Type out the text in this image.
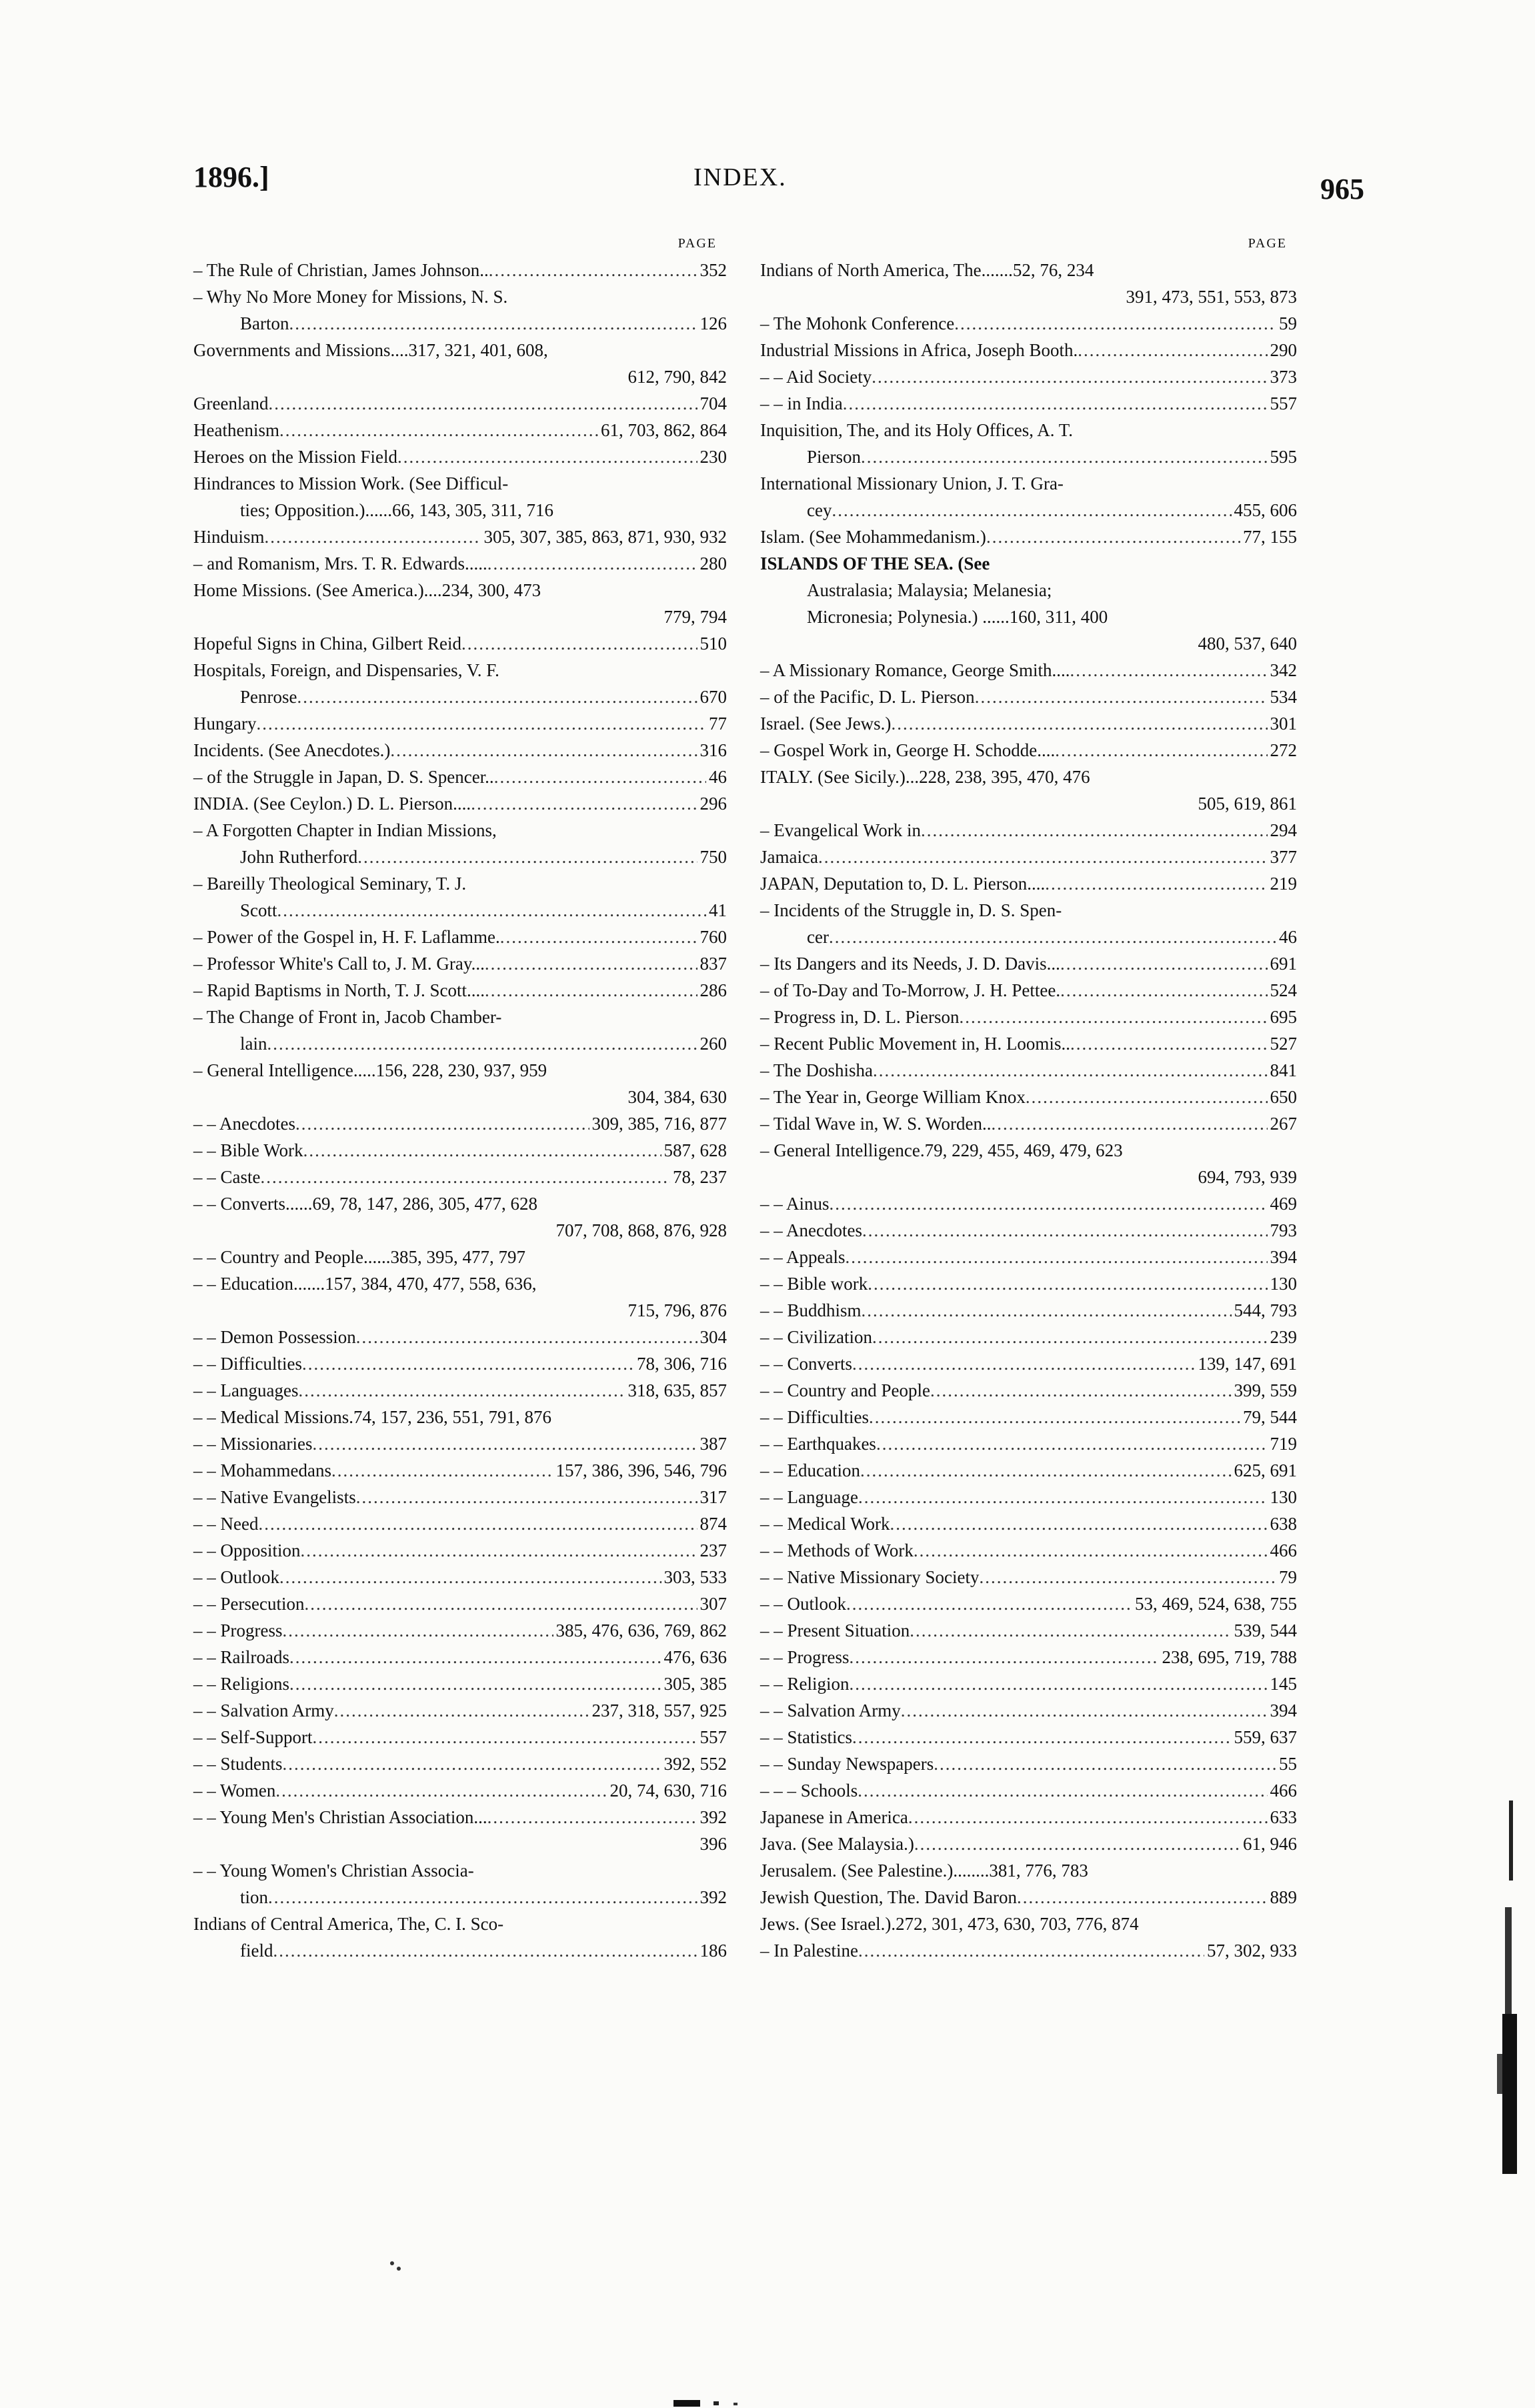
1896.]	INDEX.	965
PAGE
– The Rule of Christian, James Johnson.. .....	352
– Why No More Money for Missions, N. S.
Barton .....	126
Governments and Missions....317, 321, 401, 608,
612, 790, 842
Greenland .....	704
Heathenism .....	61, 703, 862, 864
Heroes on the Mission Field .....	230
Hindrances to Mission Work. (See Difficul-
ties; Opposition.)......66, 143, 305, 311, 716
Hinduism .....	305, 307, 385, 863, 871, 930, 932
– and Romanism, Mrs. T. R. Edwards..... .....	280
Home Missions. (See America.)....234, 300, 473
779, 794
Hopeful Signs in China, Gilbert Reid .....	510
Hospitals, Foreign, and Dispensaries, V. F.
Penrose .....	670
Hungary .....	77
Incidents. (See Anecdotes.) .....	316
– of the Struggle in Japan, D. S. Spencer.. .....	46
INDIA. (See Ceylon.) D. L. Pierson.... .....	296
– A Forgotten Chapter in Indian Missions,
John Rutherford .....	750
– Bareilly Theological Seminary, T. J.
Scott .....	41
– Power of the Gospel in, H. F. Laflamme. .....	760
– Professor White's Call to, J. M. Gray... .....	837
– Rapid Baptisms in North, T. J. Scott.... .....	286
– The Change of Front in, Jacob Chamber-
lain .....	260
– General Intelligence.....156, 228, 230, 937, 959
304, 384, 630
– – Anecdotes .....	309, 385, 716, 877
– – Bible Work .....	587, 628
– – Caste .....	78, 237
– – Converts......69, 78, 147, 286, 305, 477, 628
707, 708, 868, 876, 928
– – Country and People......385, 395, 477, 797
– – Education.......157, 384, 470, 477, 558, 636,
715, 796, 876
– – Demon Possession .....	304
– – Difficulties .....	78, 306, 716
– – Languages .....	318, 635, 857
– – Medical Missions.74, 157, 236, 551, 791, 876
– – Missionaries .....	387
– – Mohammedans .....	157, 386, 396, 546, 796
– – Native Evangelists .....	317
– – Need .....	874
– – Opposition .....	237
– – Outlook .....	303, 533
– – Persecution .....	307
– – Progress .....	385, 476, 636, 769, 862
– – Railroads .....	476, 636
– – Religions .....	305, 385
– – Salvation Army .....	237, 318, 557, 925
– – Self-Support .....	557
– – Students .....	392, 552
– – Women .....	20, 74, 630, 716
– – Young Men's Christian Association... .....	392
396
– – Young Women's Christian Associa-
tion .....	392
Indians of Central America, The, C. I. Sco-
field .....	186
PAGE
Indians of North America, The.......52, 76, 234
391, 473, 551, 553, 873
– The Mohonk Conference .....	59
Industrial Missions in Africa, Joseph Booth. .....	290
– – Aid Society .....	373
– – in India .....	557
Inquisition, The, and its Holy Offices, A. T.
Pierson .....	595
International Missionary Union, J. T. Gra-
cey .....	455, 606
Islam. (See Mohammedanism.) .....	77, 155
ISLANDS OF THE SEA. (See
Australasia; Malaysia; Melanesia;
Micronesia; Polynesia.) ......160, 311, 400
480, 537, 640
– A Missionary Romance, George Smith.... .....	342
– of the Pacific, D. L. Pierson .....	534
Israel. (See Jews.) .....	301
– Gospel Work in, George H. Schodde.... .....	272
ITALY. (See Sicily.)...228, 238, 395, 470, 476
505, 619, 861
– Evangelical Work in .....	294
Jamaica .....	377
JAPAN, Deputation to, D. L. Pierson.... .....	219
– Incidents of the Struggle in, D. S. Spen-
cer .....	46
– Its Dangers and its Needs, J. D. Davis... .....	691
– of To-Day and To-Morrow, J. H. Pettee. .....	524
– Progress in, D. L. Pierson .....	695
– Recent Public Movement in, H. Loomis.. .....	527
– The Doshisha .....	841
– The Year in, George William Knox .....	650
– Tidal Wave in, W. S. Worden.. .....	267
– General Intelligence.79, 229, 455, 469, 479, 623
694, 793, 939
– – Ainus .....	469
– – Anecdotes .....	793
– – Appeals .....	394
– – Bible work .....	130
– – Buddhism .....	544, 793
– – Civilization .....	239
– – Converts .....	139, 147, 691
– – Country and People .....	399, 559
– – Difficulties .....	79, 544
– – Earthquakes .....	719
– – Education .....	625, 691
– – Language .....	130
– – Medical Work .....	638
– – Methods of Work .....	466
– – Native Missionary Society .....	79
– – Outlook .....	53, 469, 524, 638, 755
– – Present Situation .....	539, 544
– – Progress .....	238, 695, 719, 788
– – Religion .....	145
– – Salvation Army .....	394
– – Statistics .....	559, 637
– – Sunday Newspapers .....	55
– – – Schools .....	466
Japanese in America .....	633
Java. (See Malaysia.) .....	61, 946
Jerusalem. (See Palestine.)........381, 776, 783
Jewish Question, The. David Baron .....	889
Jews. (See Israel.).272, 301, 473, 630, 703, 776, 874
– In Palestine .....	57, 302, 933
